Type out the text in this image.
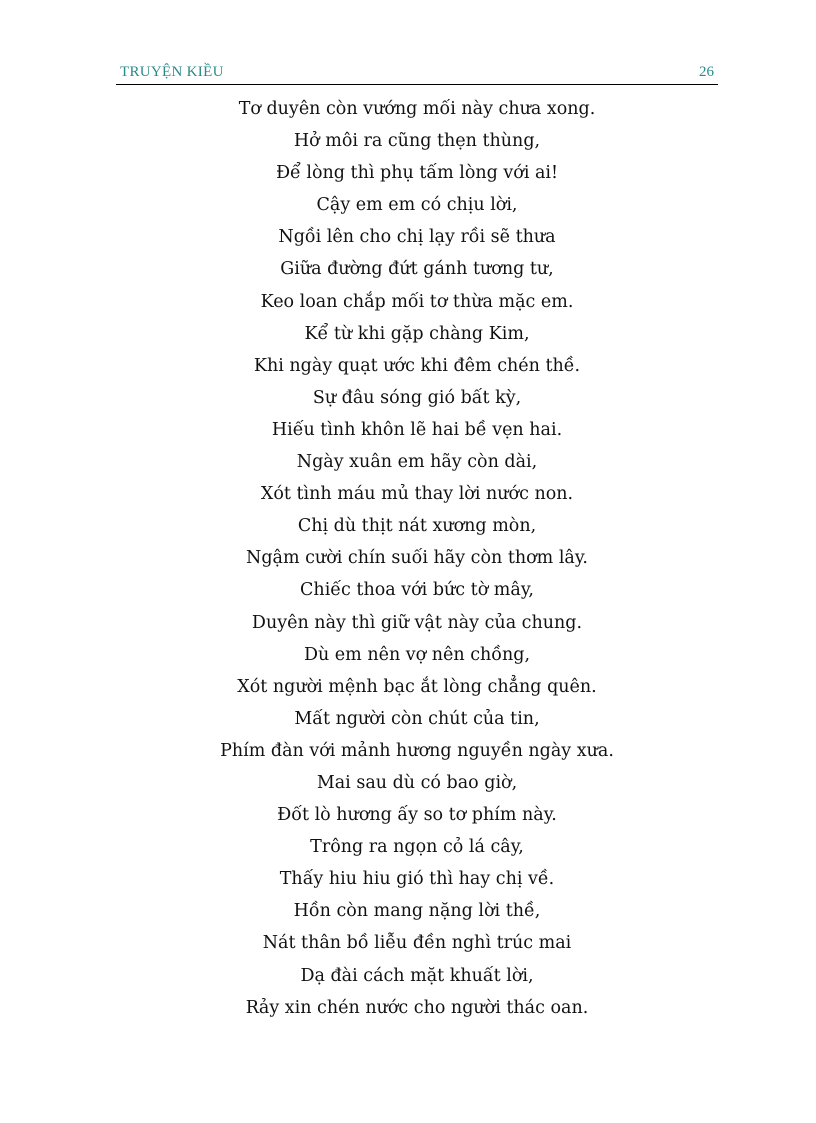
TRUYỆN KIỀU	26
Tơ duyên còn vướng mối này chưa xong.
Hở môi ra cũng thẹn thùng,
Để lòng thì phụ tấm lòng với ai!
Cậy em em có chịu lời,
Ngồi lên cho chị lạy rồi sẽ thưa
Giữa đường đứt gánh tương tư,
Keo loan chắp mối tơ thừa mặc em.
Kể từ khi gặp chàng Kim,
Khi ngày quạt ước khi đêm chén thề.
Sự đâu sóng gió bất kỳ,
Hiếu tình khôn lẽ hai bề vẹn hai.
Ngày xuân em hãy còn dài,
Xót tình máu mủ thay lời nước non.
Chị dù thịt nát xương mòn,
Ngậm cười chín suối hãy còn thơm lây.
Chiếc thoa với bức tờ mây,
Duyên này thì giữ vật này của chung.
Dù em nên vợ nên chồng,
Xót người mệnh bạc ắt lòng chẳng quên.
Mất người còn chút của tin,
Phím đàn với mảnh hương nguyền ngày xưa.
Mai sau dù có bao giờ,
Đốt lò hương ấy so tơ phím này.
Trông ra ngọn cỏ lá cây,
Thấy hiu hiu gió thì hay chị về.
Hồn còn mang nặng lời thề,
Nát thân bồ liễu đền nghì trúc mai
Dạ đài cách mặt khuất lời,
Rảy xin chén nước cho người thác oan.
